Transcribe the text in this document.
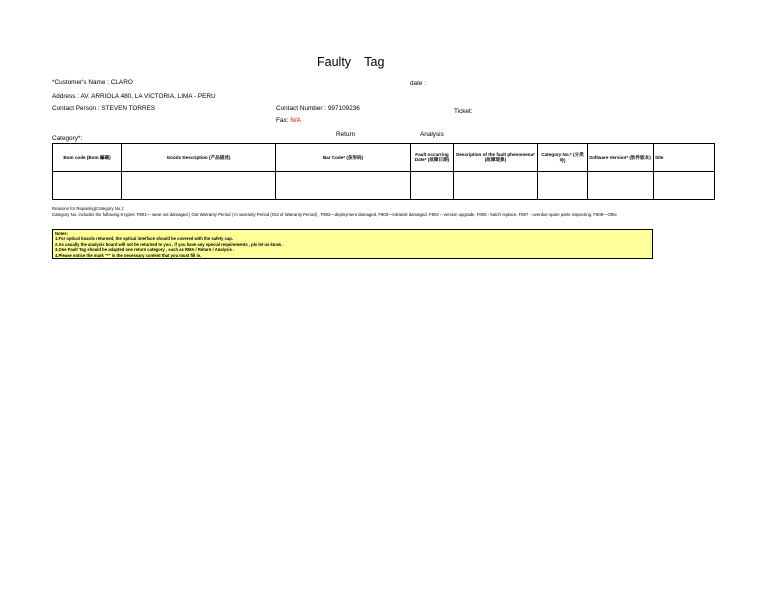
Faulty Tag
*Customer's Name : CLARO	date :
Address : AV. ARRIOLA 480, LA VICTORIA, LIMA - PERU
Contact Person : STEVEN TORRES	Contact Number : 997109236	Ticket:
Fax: N/A
Category*:
Return	Analysis
Bom code (Bom 編碼)	Goods Description (产品描述)	Bar Code* (条形码)	Fault occurring Date* (故障日期)	Description of the fault phenomena* (故障现象)	Category No.* (分类号)	Software Version* (软件版本)	Site

Reasons for Repairing(Category No.):
Category No. includes the following 8 types: F801— wear out damaged ( Out Warranty Period ) In warranty Period (Out of Warranty Period) , F802—deployment damaged, F803—intransit damaged, F804 – version upgrade, F805 - batch replace, F807 - overdue spare parts inspecting, F808—Othe
Notes:
1.For optical boards returned, the optical interface should be covered with the safety cap.
2.As usually the analysis board will not be returned to you , if you have any special requirements , pls let us know .
3.One Fault Tag should be adapted one return category , such as RMA / Return / Analysis .
4.Please notice the mark "*" is the necessary content that you must fill in.
